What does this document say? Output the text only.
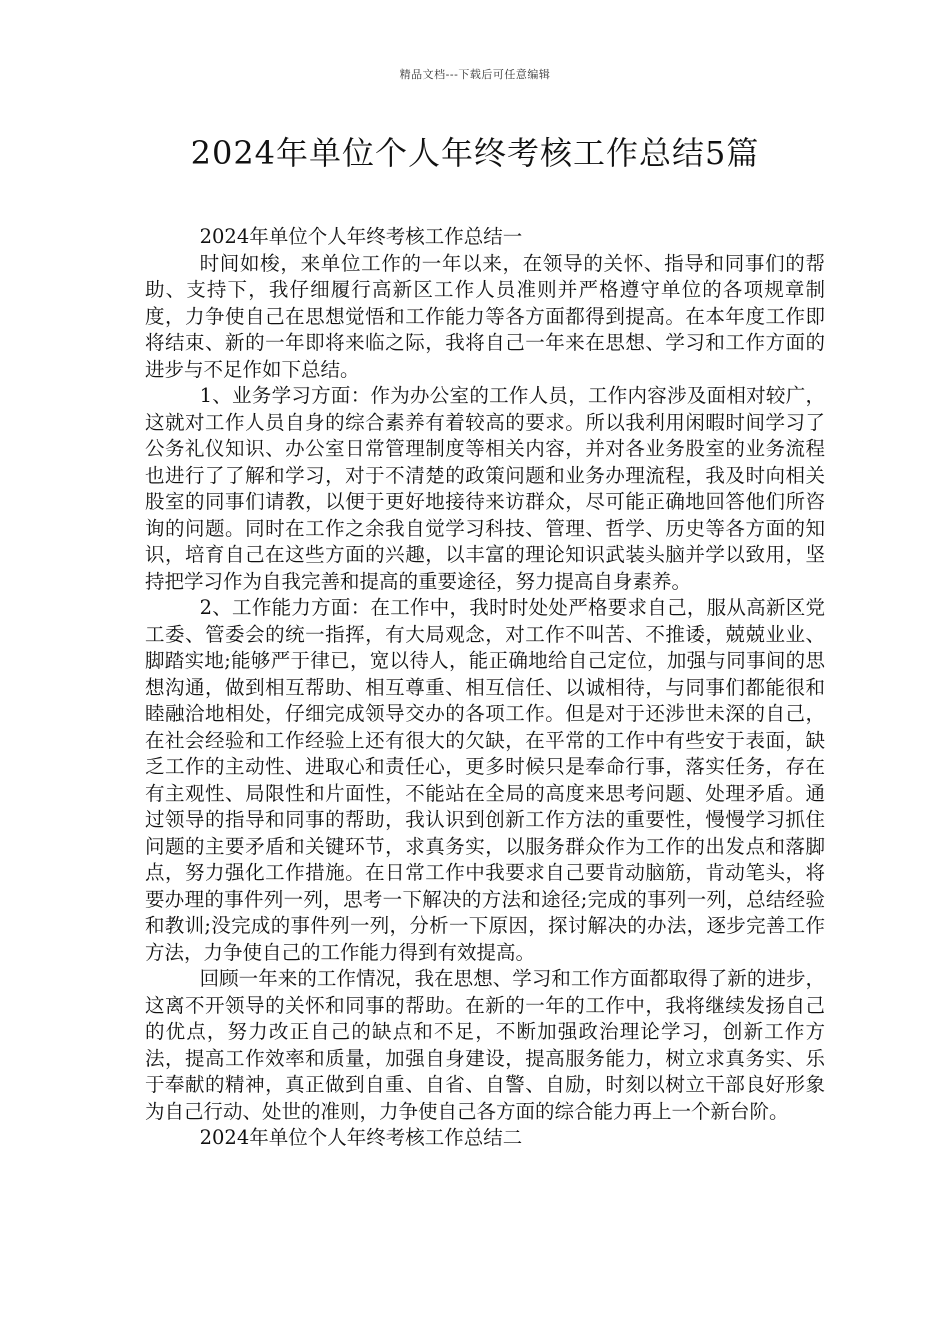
精品文档---下载后可任意编辑
2024年单位个人年终考核工作总结5篇

2024年单位个人年终考核工作总结一

时间如梭，来单位工作的一年以来，在领导的关怀、指导和同事们的帮助、支持下，我仔细履行高新区工作人员准则并严格遵守单位的各项规章制度，力争使自己在思想觉悟和工作能力等各方面都得到提高。在本年度工作即将结束、新的一年即将来临之际，我将自己一年来在思想、学习和工作方面的进步与不足作如下总结。

1、业务学习方面：作为办公室的工作人员，工作内容涉及面相对较广，这就对工作人员自身的综合素养有着较高的要求。所以我利用闲暇时间学习了公务礼仪知识、办公室日常管理制度等相关内容，并对各业务股室的业务流程也进行了了解和学习，对于不清楚的政策问题和业务办理流程，我及时向相关股室的同事们请教，以便于更好地接待来访群众，尽可能正确地回答他们所咨询的问题。同时在工作之余我自觉学习科技、管理、哲学、历史等各方面的知识，培育自己在这些方面的兴趣，以丰富的理论知识武装头脑并学以致用，坚持把学习作为自我完善和提高的重要途径，努力提高自身素养。

2、工作能力方面：在工作中，我时时处处严格要求自己，服从高新区党工委、管委会的统一指挥，有大局观念，对工作不叫苦、不推诿，兢兢业业、脚踏实地;能够严于律已，宽以待人，能正确地给自己定位，加强与同事间的思想沟通，做到相互帮助、相互尊重、相互信任、以诚相待，与同事们都能很和睦融洽地相处，仔细完成领导交办的各项工作。但是对于还涉世未深的自己，在社会经验和工作经验上还有很大的欠缺，在平常的工作中有些安于表面，缺乏工作的主动性、进取心和责任心，更多时候只是奉命行事，落实任务，存在有主观性、局限性和片面性，不能站在全局的高度来思考问题、处理矛盾。通过领导的指导和同事的帮助，我认识到创新工作方法的重要性，慢慢学习抓住问题的主要矛盾和关键环节，求真务实，以服务群众作为工作的出发点和落脚点，努力强化工作措施。在日常工作中我要求自己要肯动脑筋，肯动笔头，将要办理的事件列一列，思考一下解决的方法和途径;完成的事列一列，总结经验和教训;没完成的事件列一列，分析一下原因，探讨解决的办法，逐步完善工作方法，力争使自己的工作能力得到有效提高。

回顾一年来的工作情况，我在思想、学习和工作方面都取得了新的进步，这离不开领导的关怀和同事的帮助。在新的一年的工作中，我将继续发扬自己的优点，努力改正自己的缺点和不足，不断加强政治理论学习，创新工作方法，提高工作效率和质量，加强自身建设，提高服务能力，树立求真务实、乐于奉献的精神，真正做到自重、自省、自警、自励，时刻以树立干部良好形象为自己行动、处世的准则，力争使自己各方面的综合能力再上一个新台阶。

2024年单位个人年终考核工作总结二
